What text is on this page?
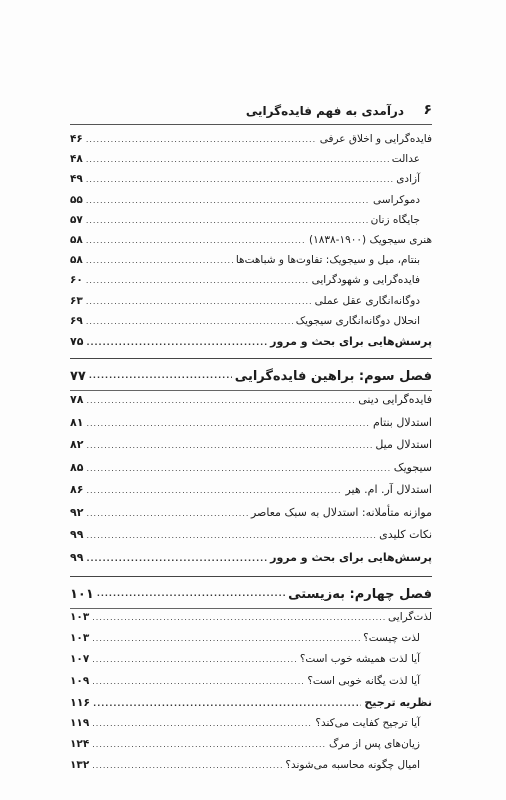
۶
درآمدی به فهم فایده‌گرایی
فایده‌گرایی و اخلاق عرفی
.....
۴۶
عدالت
.....
۴۸
آزادی
.....
۴۹
دموکراسی
.....
۵۵
جایگاه زنان
.....
۵۷
هنری سیجویک (۱۹۰۰-۱۸۳۸)
.....
۵۸
بنتام، میل و سیجویک: تفاوت‌ها و شباهت‌ها
.....
۵۸
فایده‌گرایی و شهودگرایی
.....
۶۰
دوگانه‌انگاری عقل عملی
.....
۶۳
انحلال دوگانه‌انگاری سیجویک
.....
۶۹
پرسش‌هایی برای بحث و مرور
.....
۷۵
فصل سوم: براهین فایده‌گرایی
.....
۷۷
فایده‌گرایی دینی
.....
۷۸
استدلال بنتام
.....
۸۱
استدلال میل
.....
۸۲
سیجویک
.....
۸۵
استدلال آر. ام. هیر
.....
۸۶
موازنه متأملانه: استدلال به سبک معاصر
.....
۹۲
نکات کلیدی
.....
۹۹
پرسش‌هایی برای بحث و مرور
.....
۹۹
فصل چهارم: به‌زیستی
.....
۱۰۱
لذت‌گرایی
.....
۱۰۳
لذت چیست؟
.....
۱۰۳
آیا لذت همیشه خوب است؟
.....
۱۰۷
آیا لذت یگانه خوبی است؟
.....
۱۰۹
نظریه ترجیح
.....
۱۱۶
آیا ترجیح کفایت می‌کند؟
.....
۱۱۹
زیان‌های پس از مرگ
.....
۱۲۴
امیال چگونه محاسبه می‌شوند؟
.....
۱۳۲
